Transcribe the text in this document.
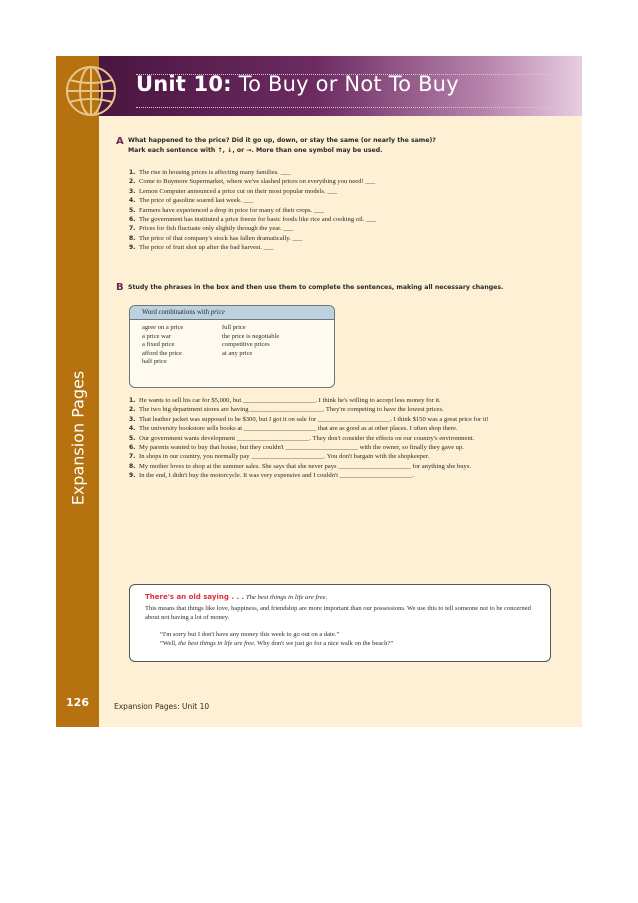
Expansion Pages
126
Unit 10: To Buy or Not To Buy
A What happened to the price? Did it go up, down, or stay the same (or nearly the same)?
Mark each sentence with ↑, ↓, or →. More than one symbol may be used.
1. The rise in housing prices is affecting many families. ___
2. Come to Buymore Supermarket, where we've slashed prices on everything you need! ___
3. Lemon Computer announced a price cut on their most popular models. ___
4. The price of gasoline soared last week. ___
5. Farmers have experienced a drop in price for many of their crops. ___
6. The government has instituted a price freeze for basic foods like rice and cooking oil. ___
7. Prices for fish fluctuate only slightly through the year. ___
8. The price of that company's stock has fallen dramatically. ___
9. The price of fruit shot up after the bad harvest. ___
B Study the phrases in the box and then use them to complete the sentences, making all necessary changes.
Word combinations with price
agree on a price
a price war
a fixed price
afford the price
half price
full price
the price is negotiable
competitive prices
at any price
1. He wants to sell his car for $5,000, but ______________________. I think he's willing to accept less money for it.
2. The two big department stores are having ______________________. They're competing to have the lowest prices.
3. That leather jacket was supposed to be $300, but I got it on sale for ______________________. I think $150 was a great price for it!
4. The university bookstore sells books at ______________________ that are as good as at other places. I often shop there.
5. Our government wants development ______________________. They don't consider the effects on our country's environment.
6. My parents wanted to buy that house, but they couldn't ______________________ with the owner, so finally they gave up.
7. In shops in our country, you normally pay ______________________. You don't bargain with the shopkeeper.
8. My mother loves to shop at the summer sales. She says that she never pays ______________________ for anything she buys.
9. In the end, I didn't buy the motorcycle. It was very expensive and I couldn't ______________________.
There's an old saying . . . The best things in life are free.
This means that things like love, happiness, and friendship are more important than our possessions. We use this to tell someone not to be concerned about not having a lot of money.
“I'm sorry but I don't have any money this week to go out on a date.”
“Well, the best things in life are free. Why don't we just go for a nice walk on the beach?”
Expansion Pages: Unit 10
